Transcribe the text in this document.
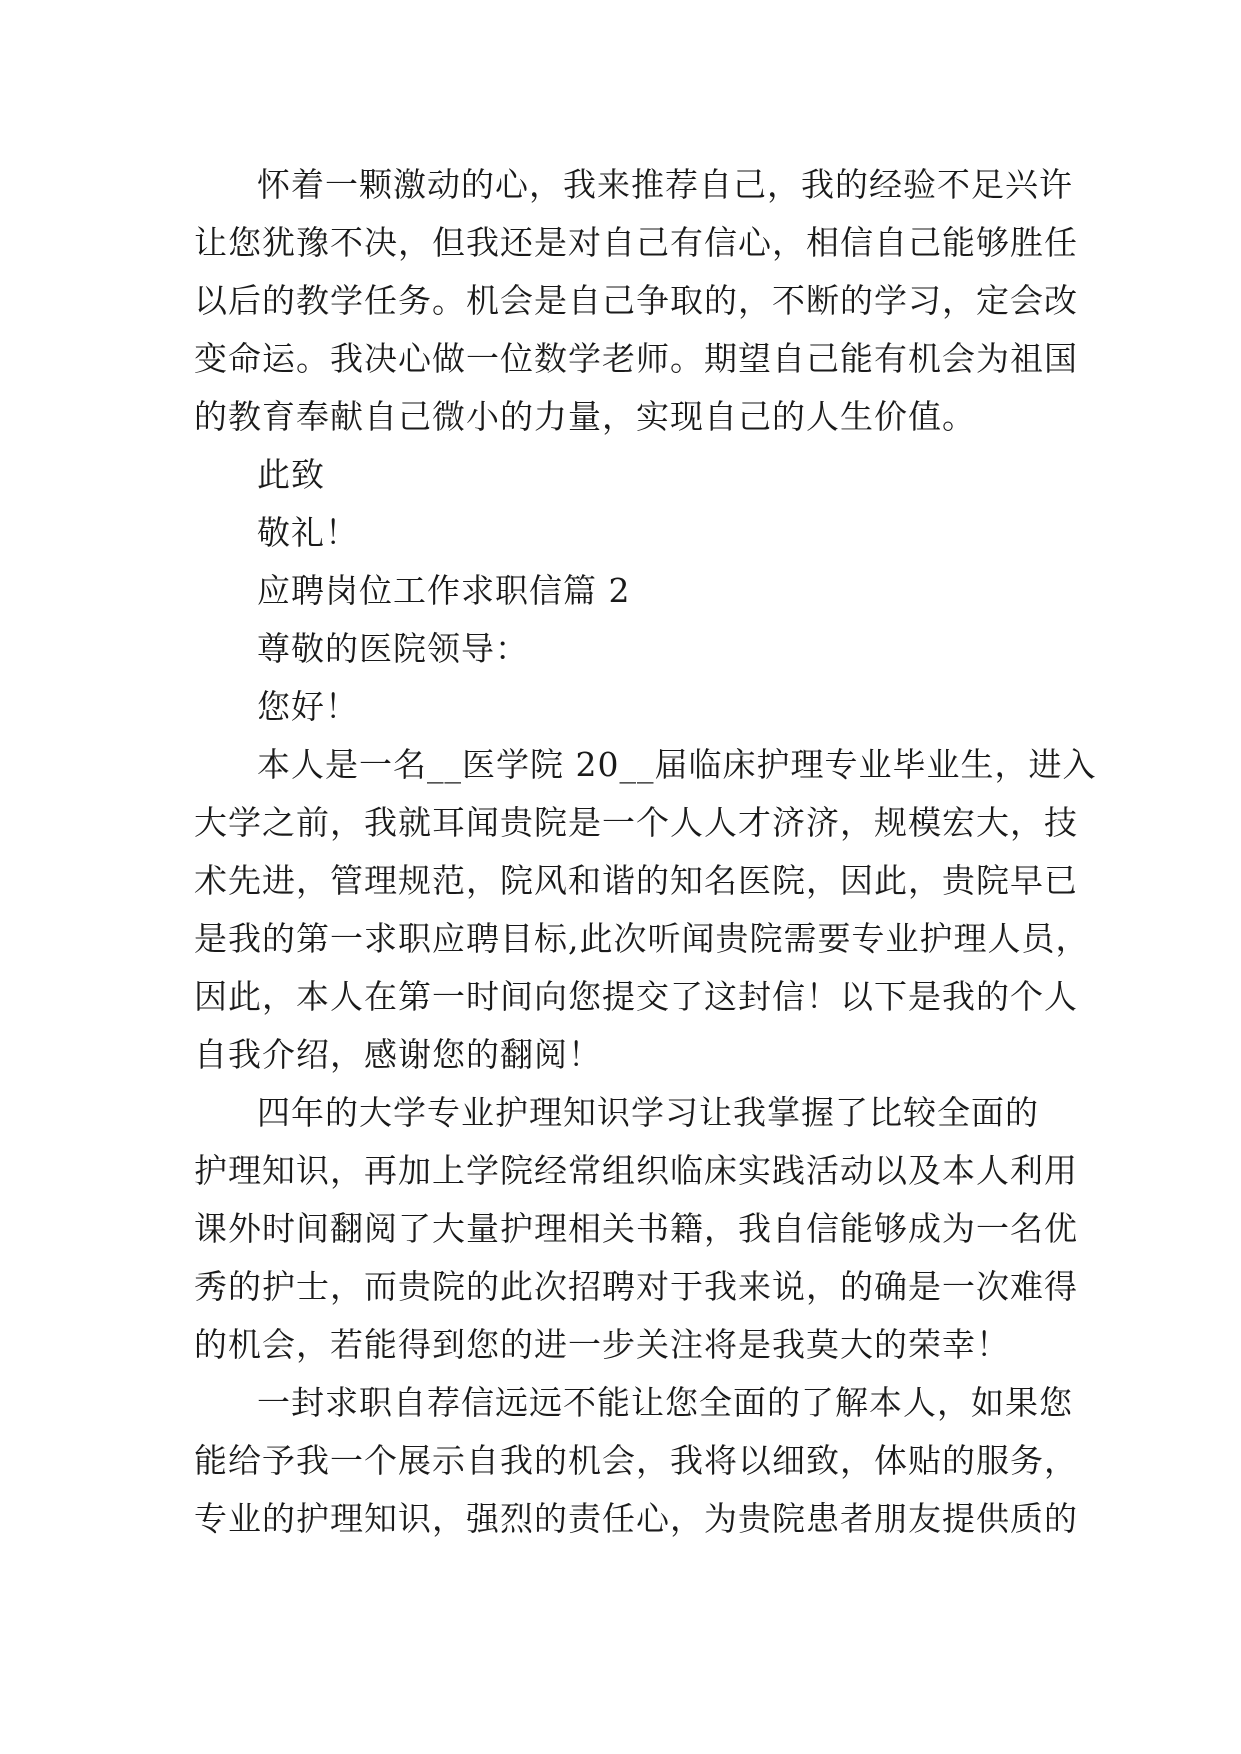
怀着一颗激动的心，我来推荐自己，我的经验不足兴许
让您犹豫不决，但我还是对自己有信心，相信自己能够胜任
以后的教学任务。机会是自己争取的，不断的学习，定会改
变命运。我决心做一位数学老师。期望自己能有机会为祖国
的教育奉献自己微小的力量，实现自己的人生价值。
此致
敬礼！
应聘岗位工作求职信篇 2
尊敬的医院领导：
您好！
本人是一名__医学院 20__届临床护理专业毕业生，进入
大学之前，我就耳闻贵院是一个人人才济济，规模宏大，技
术先进，管理规范，院风和谐的知名医院，因此，贵院早已
是我的第一求职应聘目标,此次听闻贵院需要专业护理人员，
因此，本人在第一时间向您提交了这封信！以下是我的个人
自我介绍，感谢您的翻阅！
四年的大学专业护理知识学习让我掌握了比较全面的
护理知识，再加上学院经常组织临床实践活动以及本人利用
课外时间翻阅了大量护理相关书籍，我自信能够成为一名优
秀的护士，而贵院的此次招聘对于我来说，的确是一次难得
的机会，若能得到您的进一步关注将是我莫大的荣幸！
一封求职自荐信远远不能让您全面的了解本人，如果您
能给予我一个展示自我的机会，我将以细致，体贴的服务，
专业的护理知识，强烈的责任心，为贵院患者朋友提供质的
